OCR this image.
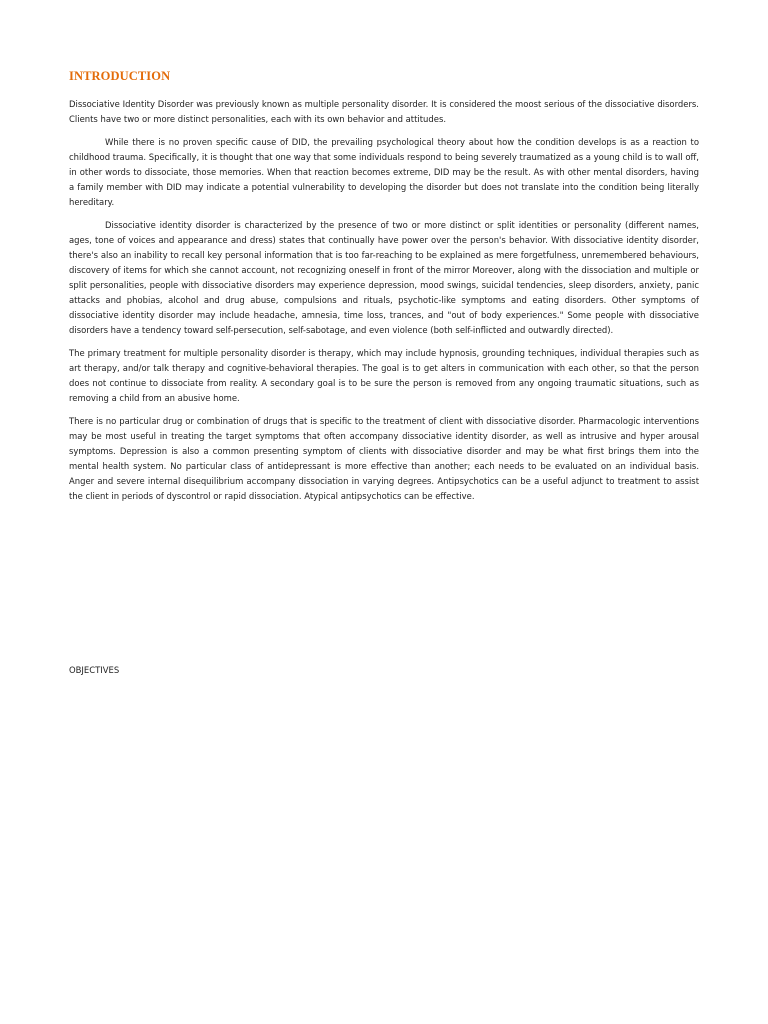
INTRODUCTION

Dissociative Identity Disorder was previously known as multiple personality disorder. It is considered the moost serious of the dissociative disorders. Clients have two or more distinct personalities, each with its own behavior and attitudes.

While there is no proven specific cause of DID, the prevailing psychological theory about how the condition develops is as a reaction to childhood trauma. Specifically, it is thought that one way that some individuals respond to being severely traumatized as a young child is to wall off, in other words to dissociate, those memories. When that reaction becomes extreme, DID may be the result. As with other mental disorders, having a family member with DID may indicate a potential vulnerability to developing the disorder but does not translate into the condition being literally hereditary.

Dissociative identity disorder is characterized by the presence of two or more distinct or split identities or personality (different names, ages, tone of voices and appearance and dress) states that continually have power over the person's behavior. With dissociative identity disorder, there's also an inability to recall key personal information that is too far-reaching to be explained as mere forgetfulness, unremembered behaviours, discovery of items for which she cannot account, not recognizing oneself in front of the mirror Moreover, along with the dissociation and multiple or split personalities, people with dissociative disorders may experience depression, mood swings, suicidal tendencies, sleep disorders, anxiety, panic attacks and phobias, alcohol and drug abuse, compulsions and rituals, psychotic-like symptoms and eating disorders. Other symptoms of dissociative identity disorder may include headache, amnesia, time loss, trances, and "out of body experiences." Some people with dissociative disorders have a tendency toward self-persecution, self-sabotage, and even violence (both self-inflicted and outwardly directed).

The primary treatment for multiple personality disorder is therapy, which may include hypnosis, grounding techniques, individual therapies such as art therapy, and/or talk therapy and cognitive-behavioral therapies. The goal is to get alters in communication with each other, so that the person does not continue to dissociate from reality. A secondary goal is to be sure the person is removed from any ongoing traumatic situations, such as removing a child from an abusive home.

There is no particular drug or combination of drugs that is specific to the treatment of client with dissociative disorder. Pharmacologic interventions may be most useful in treating the target symptoms that often accompany dissociative identity disorder, as well as intrusive and hyper arousal symptoms. Depression is also a common presenting symptom of clients with dissociative disorder and may be what first brings them into the mental health system. No particular class of antidepressant is more effective than another; each needs to be evaluated on an individual basis. Anger and severe internal disequilibrium accompany dissociation in varying degrees. Antipsychotics can be a useful adjunct to treatment to assist the client in periods of dyscontrol or rapid dissociation. Atypical antipsychotics can be effective.

OBJECTIVES
